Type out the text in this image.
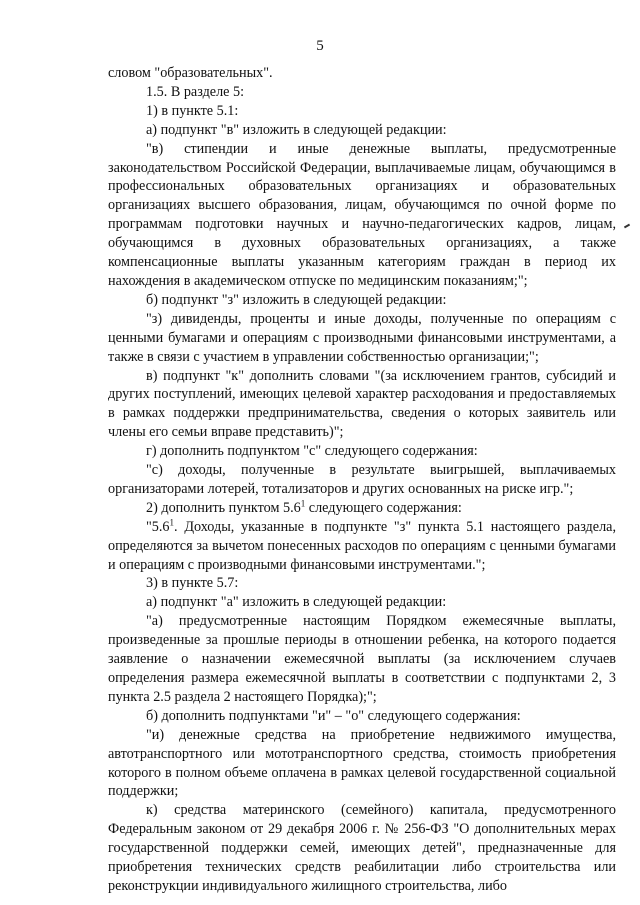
5

словом "образовательных".

1.5. В разделе 5:

1) в пункте 5.1:

а) подпункт "в" изложить в следующей редакции:

"в) стипендии и иные денежные выплаты, предусмотренные законодательством Российской Федерации, выплачиваемые лицам, обучающимся в профессиональных образовательных организациях и образовательных организациях высшего образования, лицам, обучающимся по очной форме по программам подготовки научных и научно-педагогических кадров, лицам, обучающимся в духовных образовательных организациях, а также компенсационные выплаты указанным категориям граждан в период их нахождения в академическом отпуске по медицинским показаниям;";

б) подпункт "з" изложить в следующей редакции:

"з) дивиденды, проценты и иные доходы, полученные по операциям с ценными бумагами и операциям с производными финансовыми инструментами, а также в связи с участием в управлении собственностью организации;";

в) подпункт "к" дополнить словами "(за исключением грантов, субсидий и других поступлений, имеющих целевой характер расходования и предоставляемых в рамках поддержки предпринимательства, сведения о которых заявитель или члены его семьи вправе представить)";

г) дополнить подпунктом "с" следующего содержания:

"с) доходы, полученные в результате выигрышей, выплачиваемых организаторами лотерей, тотализаторов и других основанных на риске игр.";

2) дополнить пунктом $5.6^1$ следующего содержания:

"$5.6^1$. Доходы, указанные в подпункте "з" пункта 5.1 настоящего раздела, определяются за вычетом понесенных расходов по операциям с ценными бумагами и операциям с производными финансовыми инструментами.";

3) в пункте 5.7:

а) подпункт "а" изложить в следующей редакции:

"а) предусмотренные настоящим Порядком ежемесячные выплаты, произведенные за прошлые периоды в отношении ребенка, на которого подается заявление о назначении ежемесячной выплаты (за исключением случаев определения размера ежемесячной выплаты в соответствии с подпунктами 2, 3 пункта 2.5 раздела 2 настоящего Порядка);";

б) дополнить подпунктами "и" – "о" следующего содержания:

"и) денежные средства на приобретение недвижимого имущества, автотранспортного или мототранспортного средства, стоимость приобретения которого в полном объеме оплачена в рамках целевой государственной социальной поддержки;

к) средства материнского (семейного) капитала, предусмотренного Федеральным законом от 29 декабря 2006 г. № 256-ФЗ "О дополнительных мерах государственной поддержки семей, имеющих детей", предназначенные для приобретения технических средств реабилитации либо строительства или реконструкции индивидуального жилищного строительства, либо
